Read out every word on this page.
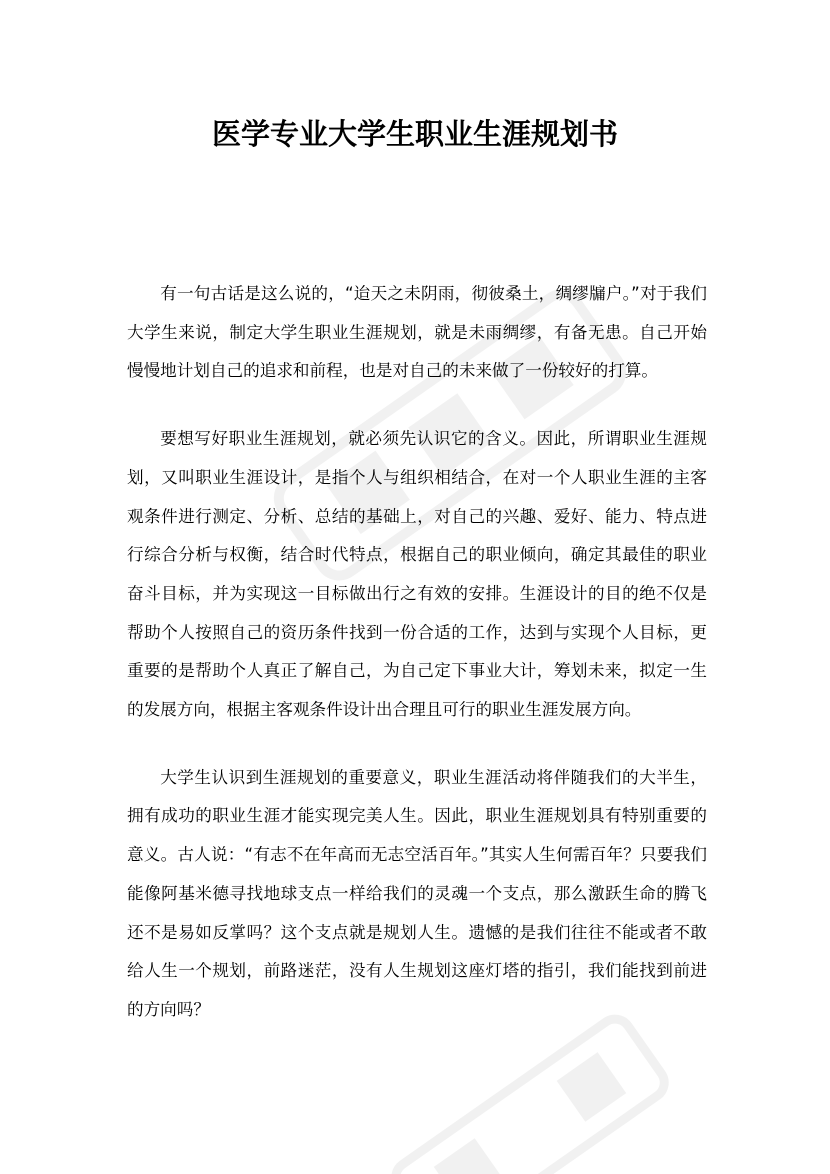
医学专业大学生职业生涯规划书

有一句古话是这么说的，“迨天之未阴雨，彻彼桑土，绸缪牖户。”对于我们大学生来说，制定大学生职业生涯规划，就是未雨绸缪，有备无患。自己开始慢慢地计划自己的追求和前程，也是对自己的未来做了一份较好的打算。

要想写好职业生涯规划，就必须先认识它的含义。因此，所谓职业生涯规划，又叫职业生涯设计，是指个人与组织相结合，在对一个人职业生涯的主客观条件进行测定、分析、总结的基础上，对自己的兴趣、爱好、能力、特点进行综合分析与权衡，结合时代特点，根据自己的职业倾向，确定其最佳的职业奋斗目标，并为实现这一目标做出行之有效的安排。生涯设计的目的绝不仅是帮助个人按照自己的资历条件找到一份合适的工作，达到与实现个人目标，更重要的是帮助个人真正了解自己，为自己定下事业大计，筹划未来，拟定一生的发展方向，根据主客观条件设计出合理且可行的职业生涯发展方向。

大学生认识到生涯规划的重要意义，职业生涯活动将伴随我们的大半生，拥有成功的职业生涯才能实现完美人生。因此，职业生涯规划具有特别重要的意义。古人说：“有志不在年高而无志空活百年。”其实人生何需百年？只要我们能像阿基米德寻找地球支点一样给我们的灵魂一个支点，那么激跃生命的腾飞还不是易如反掌吗？这个支点就是规划人生。遗憾的是我们往往不能或者不敢给人生一个规划，前路迷茫，没有人生规划这座灯塔的指引，我们能找到前进的方向吗？
